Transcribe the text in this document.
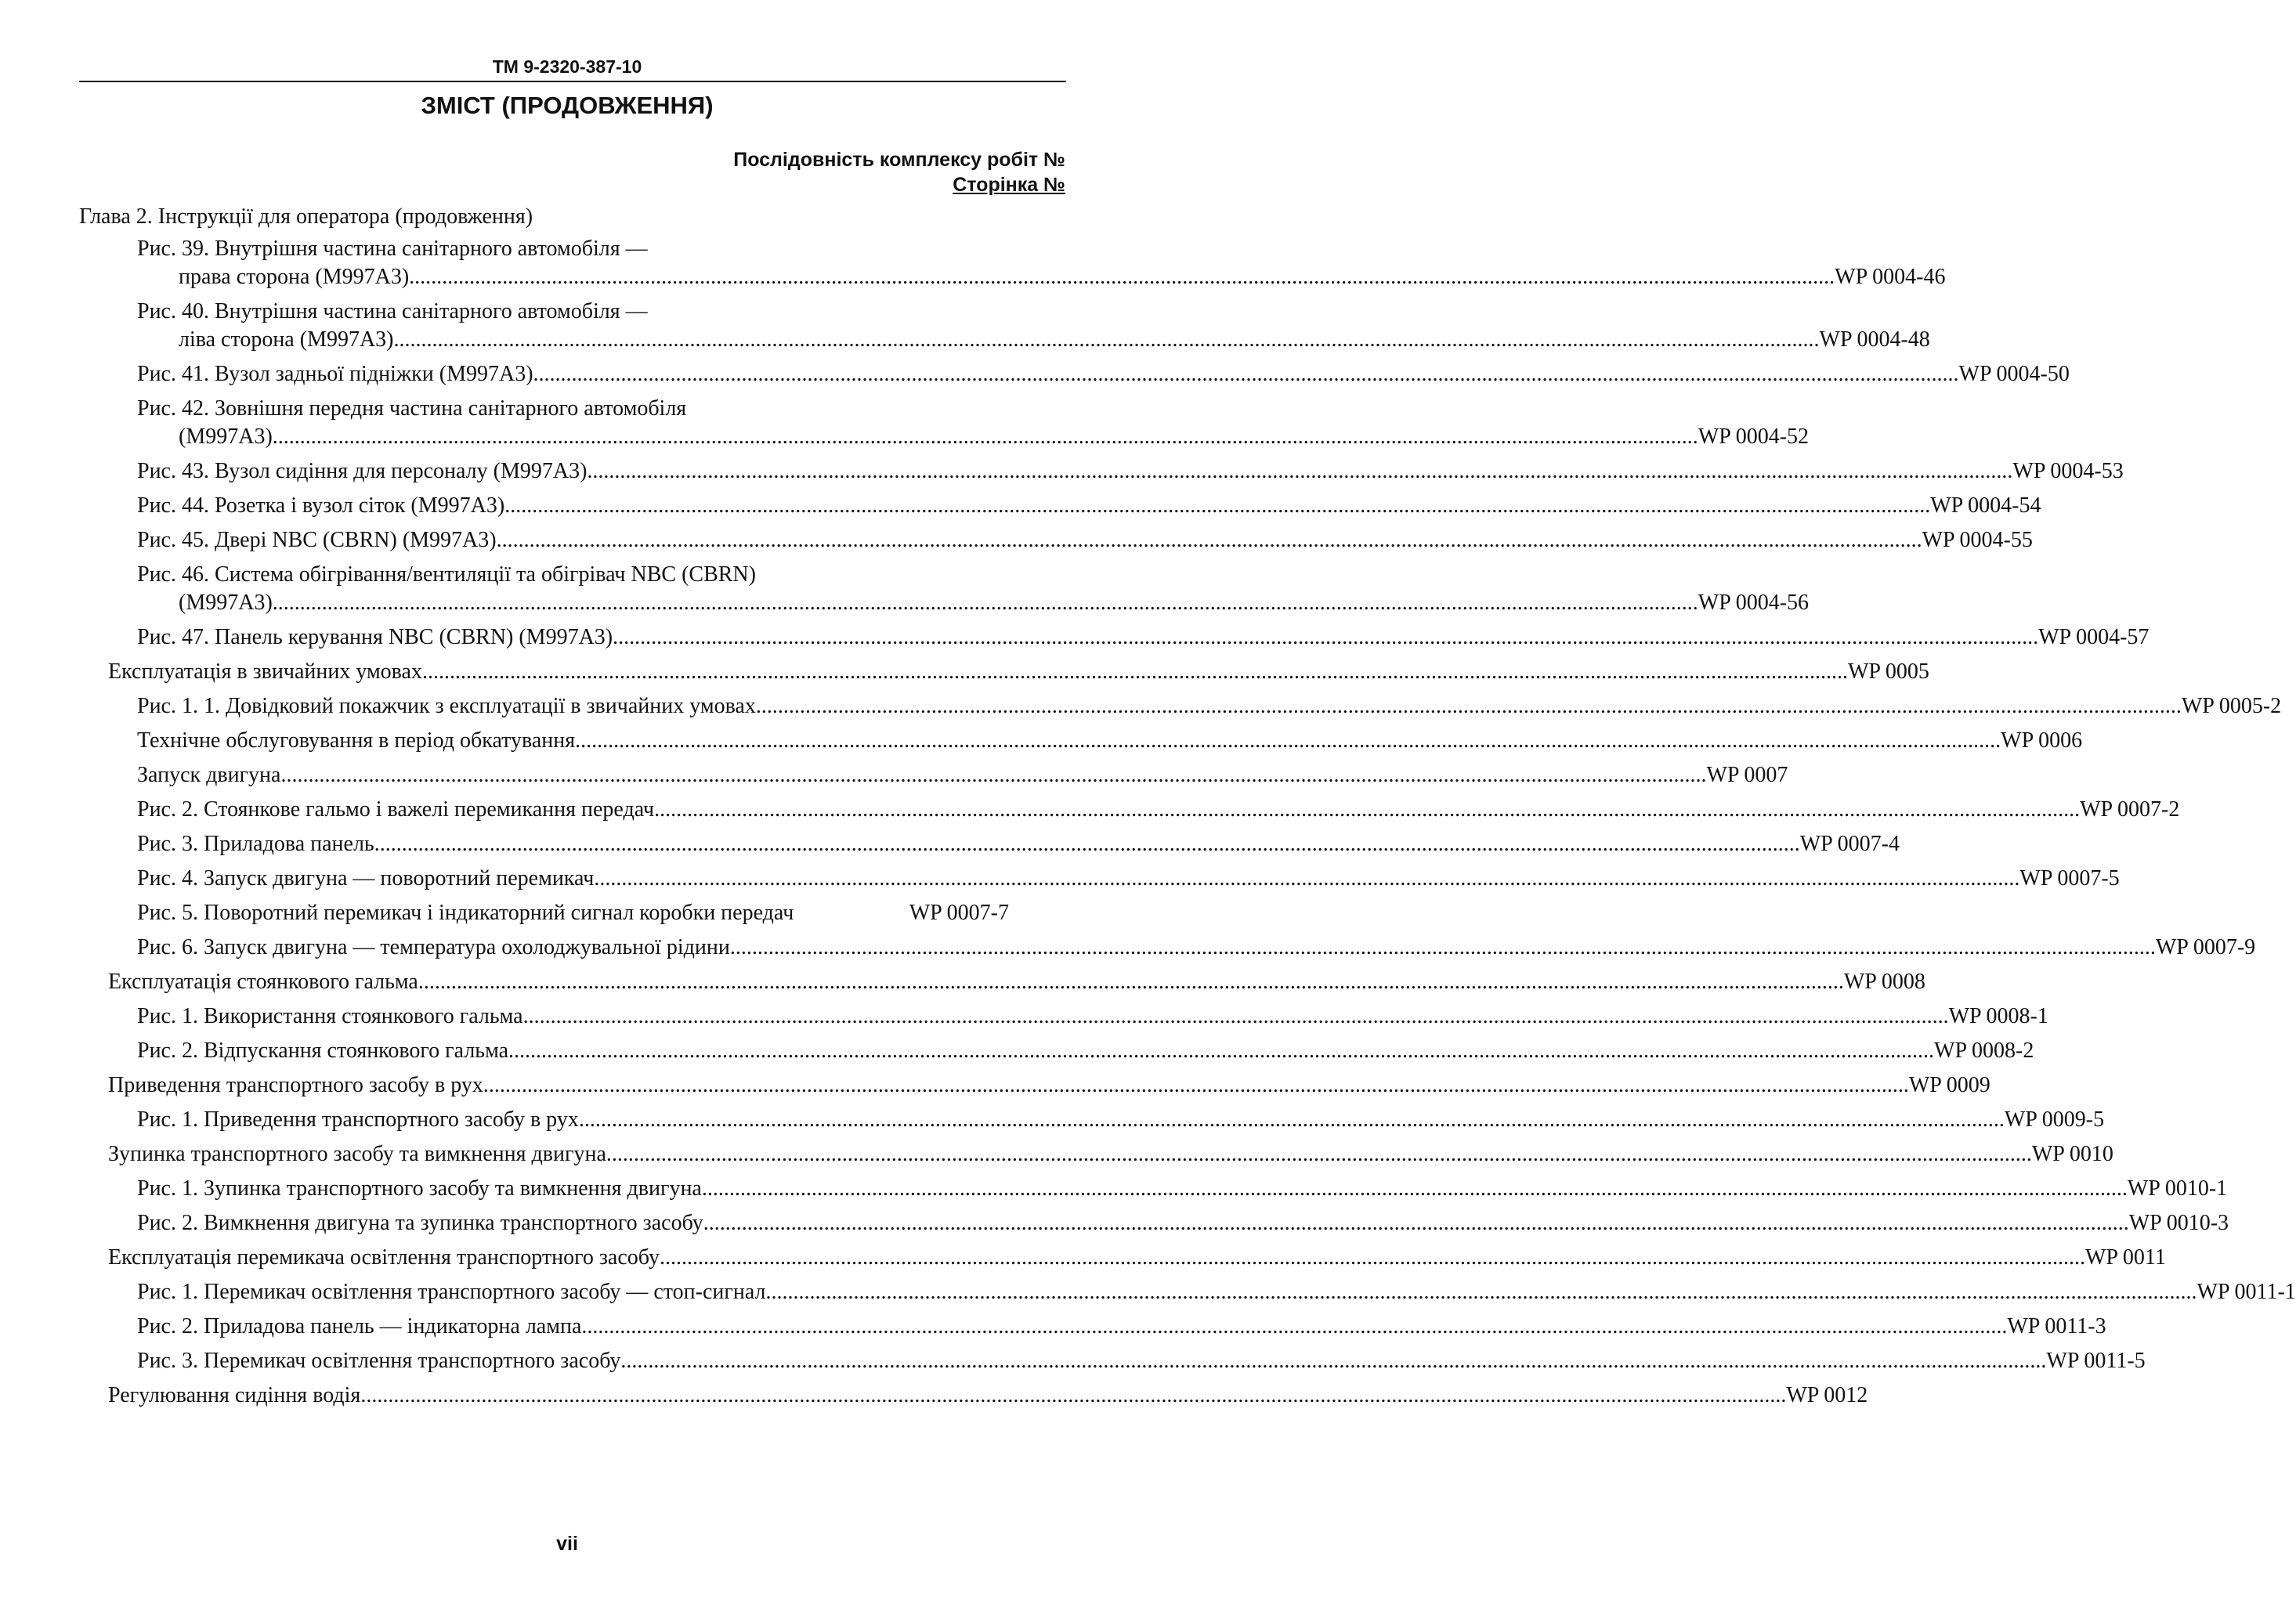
TM 9-2320-387-10
ЗМІСТ (ПРОДОВЖЕННЯ)
Послідовність комплексу робіт №
Сторінка №
Глава 2. Інструкції для оператора (продовження)
Рис. 39. Внутрішня частина санітарного автомобіля —
права сторона (M997A3) .....	WP 0004-46
Рис. 40. Внутрішня частина санітарного автомобіля —
ліва сторона (M997A3) .....	WP 0004-48
Рис. 41. Вузол задньої підніжки (M997A3) .....	WP 0004-50
Рис. 42. Зовнішня передня частина санітарного автомобіля
(M997A3) .....	WP 0004-52
Рис. 43. Вузол сидіння для персоналу (M997A3) .....	WP 0004-53
Рис. 44. Розетка і вузол сіток (M997A3) .....	WP 0004-54
Рис. 45. Двері NBC (CBRN) (M997A3) .....	WP 0004-55
Рис. 46. Система обігрівання/вентиляції та обігрівач NBC (CBRN)
(M997A3) .....	WP 0004-56
Рис. 47. Панель керування NBC (CBRN) (M997A3) .....	WP 0004-57
Експлуатація в звичайних умовах .....	WP 0005
Рис. 1. 1. Довідковий покажчик з експлуатації в звичайних умовах .....	WP 0005-2
Технічне обслуговування в період обкатування .....	WP 0006
Запуск двигуна .....	WP 0007
Рис. 2. Стоянкове гальмо і важелі перемикання передач .....	WP 0007-2
Рис. 3. Приладова панель .....	WP 0007-4
Рис. 4. Запуск двигуна — поворотний перемикач .....	WP 0007-5
Рис. 5. Поворотний перемикач і індикаторний сигнал коробки передач	WP 0007-7
Рис. 6. Запуск двигуна — температура охолоджувальної рідини .....	WP 0007-9
Експлуатація стоянкового гальма .....	WP 0008
Рис. 1. Використання стоянкового гальма .....	WP 0008-1
Рис. 2. Відпускання стоянкового гальма .....	WP 0008-2
Приведення транспортного засобу в рух .....	WP 0009
Рис. 1. Приведення транспортного засобу в рух .....	WP 0009-5
Зупинка транспортного засобу та вимкнення двигуна .....	WP 0010
Рис. 1. Зупинка транспортного засобу та вимкнення двигуна .....	WP 0010-1
Рис. 2. Вимкнення двигуна та зупинка транспортного засобу .....	WP 0010-3
Експлуатація перемикача освітлення транспортного засобу .....	WP 0011
Рис. 1. Перемикач освітлення транспортного засобу — стоп-сигнал. .....	WP 0011-1
Рис. 2. Приладова панель — індикаторна лампа .....	WP 0011-3
Рис. 3. Перемикач освітлення транспортного засобу .....	WP 0011-5
Регулювання сидіння водія .....	WP 0012
vii
